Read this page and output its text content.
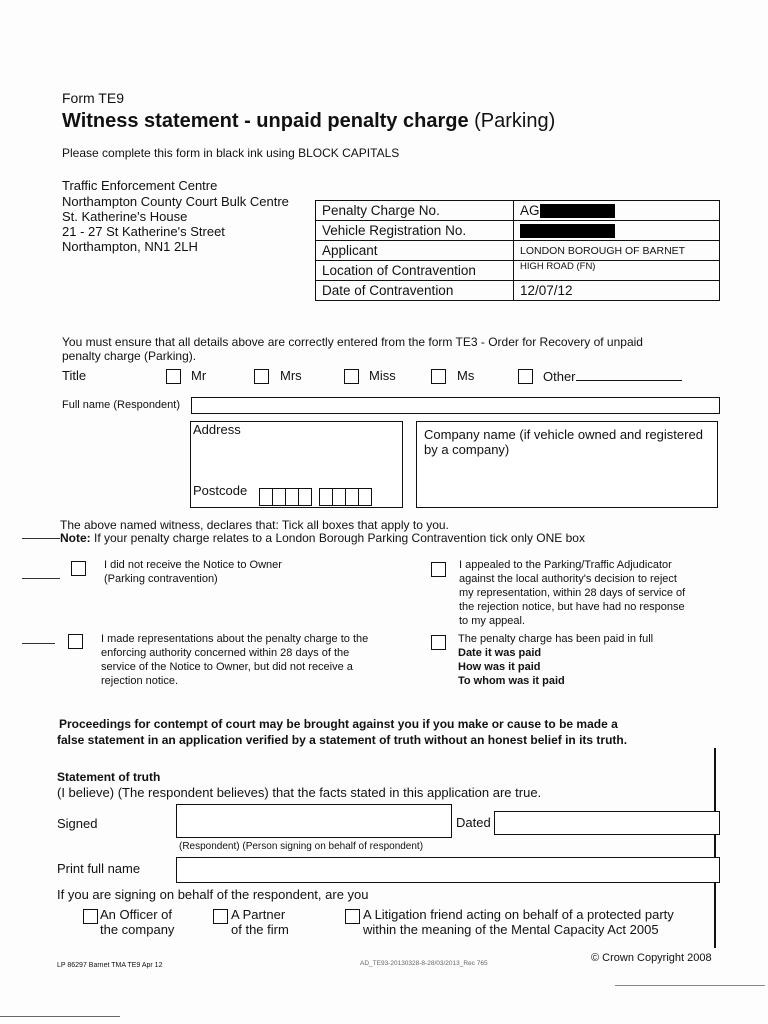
Form TE9
Witness statement - unpaid penalty charge (Parking)
Please complete this form in black ink using BLOCK CAPITALS
Traffic Enforcement Centre
Northampton County Court Bulk Centre
St. Katherine's House
21 - 27 St Katherine's Street
Northampton, NN1 2LH
Penalty Charge No.	AG
Vehicle Registration No.	
Applicant	LONDON BOROUGH OF BARNET
Location of Contravention	HIGH ROAD (FN)
Date of Contravention	12/07/12
You must ensure that all details above are correctly entered from the form TE3 - Order for Recovery of unpaid
penalty charge (Parking).
Title	Mr	Mrs	Miss	Ms	Other
Full name (Respondent)
Address
Postcode
Company name (if vehicle owned and registered
by a company)
The above named witness, declares that: Tick all boxes that apply to you.
Note: If your penalty charge relates to a London Borough Parking Contravention tick only ONE box
I did not receive the Notice to Owner
(Parking contravention)
I made representations about the penalty charge to the
enforcing authority concerned within 28 days of the
service of the Notice to Owner, but did not receive a
rejection notice.
I appealed to the Parking/Traffic Adjudicator
against the local authority's decision to reject
my representation, within 28 days of service of
the rejection notice, but have had no response
to my appeal.
The penalty charge has been paid in full
Date it was paid
How was it paid
To whom was it paid
Proceedings for contempt of court may be brought against you if you make or cause to be made a
false statement in an application verified by a statement of truth without an honest belief in its truth.
Statement of truth
(I believe) (The respondent believes) that the facts stated in this application are true.
Signed	Dated
(Respondent) (Person signing on behalf of respondent)
Print full name
If you are signing on behalf of the respondent, are you
An Officer of
the company
A Partner
of the firm
A Litigation friend acting on behalf of a protected party
within the meaning of the Mental Capacity Act 2005
LP 86297 Barnet TMA TE9 Apr 12	AD_TE93-20130328-8-28/03/2013_Rec 765	© Crown Copyright 2008
